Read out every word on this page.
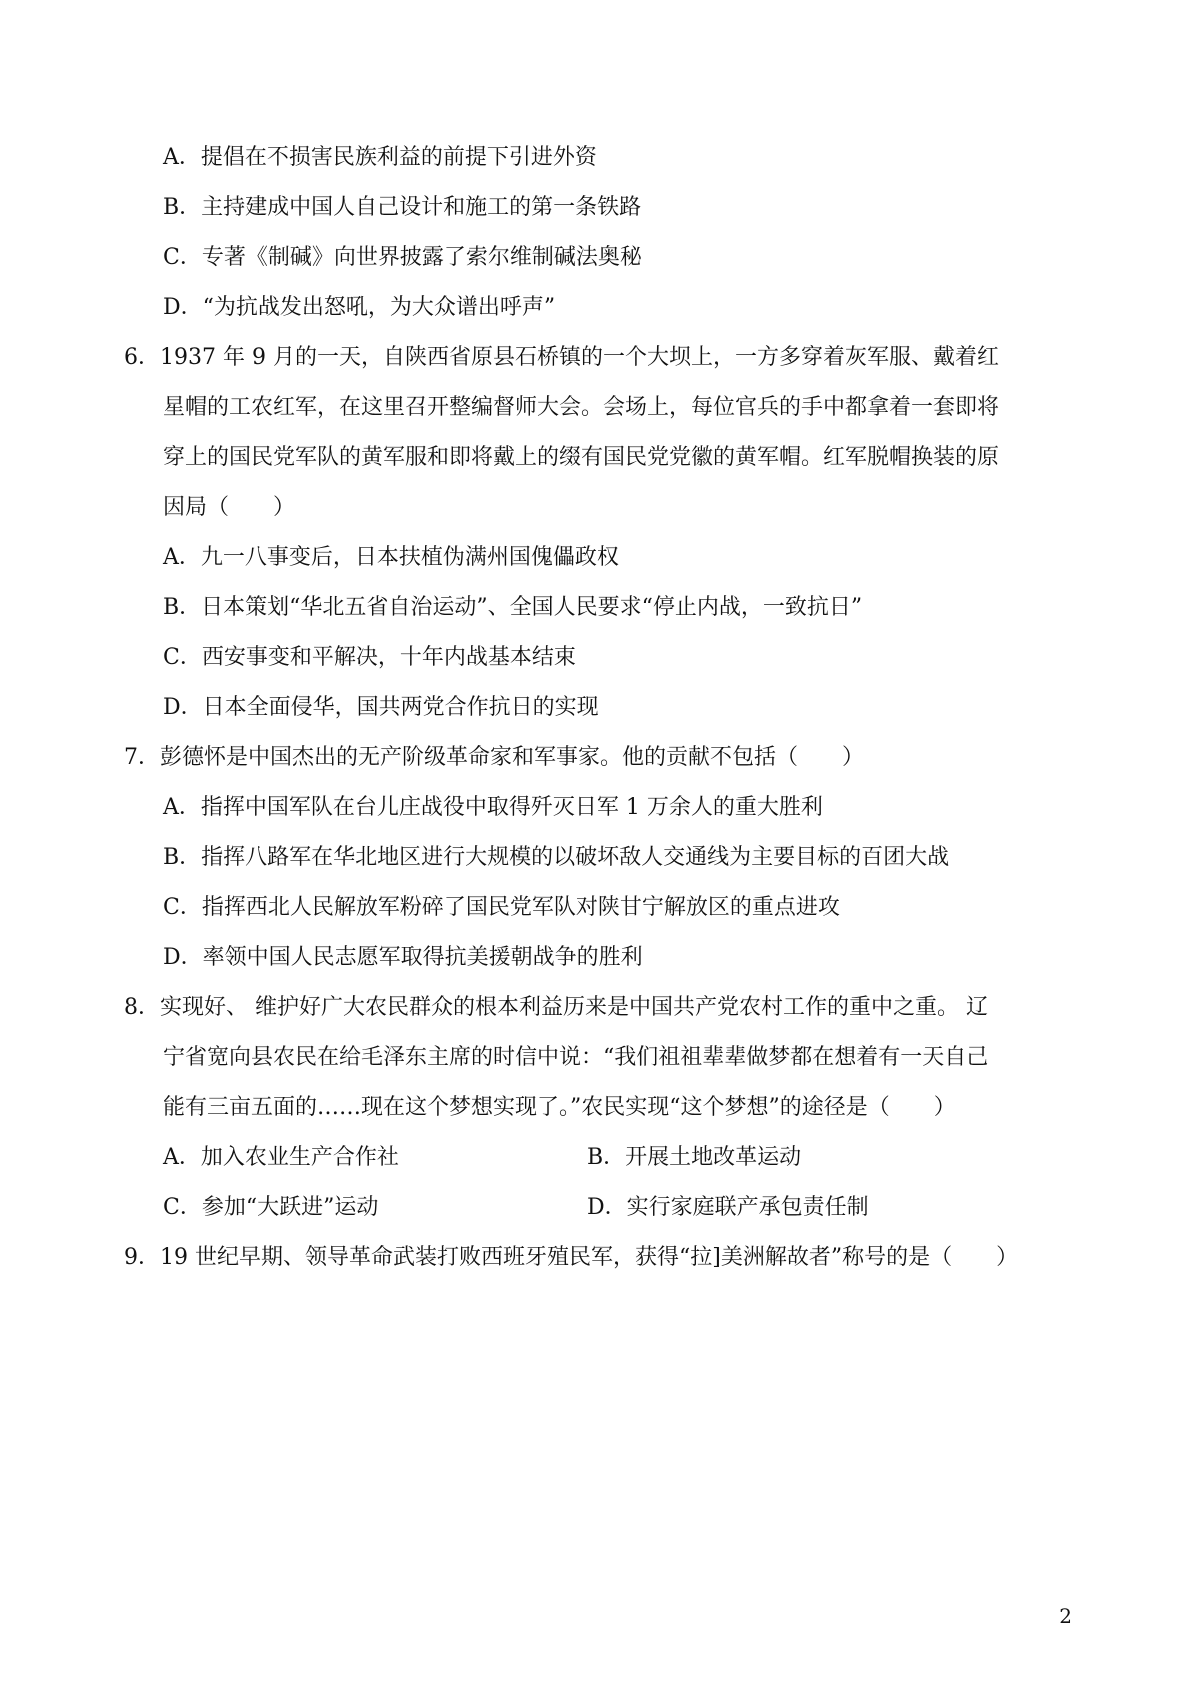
A．提倡在不损害民族利益的前提下引进外资
B．主持建成中国人自己设计和施工的第一条铁路
C．专著《制碱》向世界披露了索尔维制碱法奥秘
D．“为抗战发出怒吼，为大众谱出呼声”
6．1937 年 9 月的一天，自陕西省原县石桥镇的一个大坝上，一方多穿着灰军服、戴着红
星帽的工农红军，在这里召开整编督师大会。会场上，每位官兵的手中都拿着一套即将
穿上的国民党军队的黄军服和即将戴上的缀有国民党党徽的黄军帽。红军脱帽换装的原
因局（　　）
A．九一八事变后，日本扶植伪满州国傀儡政权
B．日本策划“华北五省自治运动”、全国人民要求“停止内战，一致抗日”
C．西安事变和平解决，十年内战基本结束
D．日本全面侵华，国共两党合作抗日的实现
7．彭德怀是中国杰出的无产阶级革命家和军事家。他的贡献不包括（　　）
A．指挥中国军队在台儿庄战役中取得歼灭日军 1 万余人的重大胜利
B．指挥八路军在华北地区进行大规模的以破坏敌人交通线为主要目标的百团大战
C．指挥西北人民解放军粉碎了国民党军队对陕甘宁解放区的重点进攻
D．率领中国人民志愿军取得抗美援朝战争的胜利
8．实现好、 维护好广大农民群众的根本利益历来是中国共产党农村工作的重中之重。 辽
宁省宽向县农民在给毛泽东主席的时信中说：“我们祖祖辈辈做梦都在想着有一天自己
能有三亩五面的……现在这个梦想实现了。”农民实现“这个梦想”的途径是（　　）
A．加入农业生产合作社	B．开展土地改革运动
C．参加“大跃进”运动	D．实行家庭联产承包责任制
9．19 世纪早期、领导革命武装打败西班牙殖民军，获得“拉]美洲解故者”称号的是（　　）
2
